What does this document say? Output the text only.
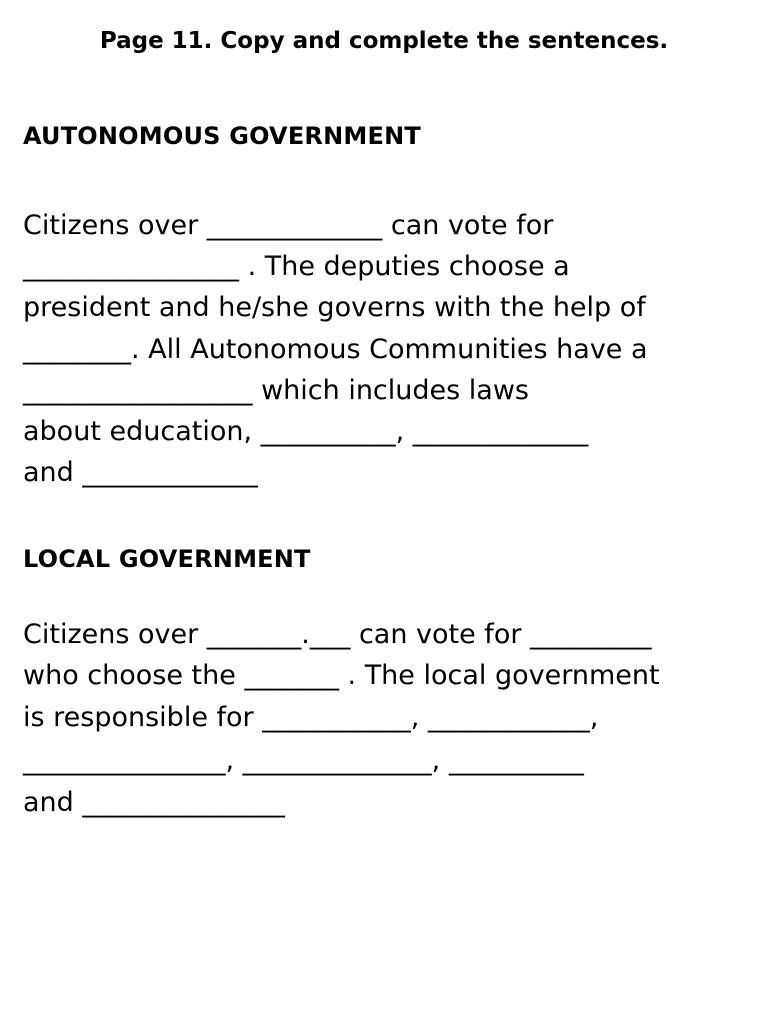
Page 11. Copy and complete the sentences.
AUTONOMOUS GOVERNMENT

Citizens over _____________ can vote for

________________ . The deputies choose a

president and he/she governs with the help of

________. All Autonomous Communities have a

_________________ which includes laws

about education, __________, _____________

and _____________

LOCAL GOVERNMENT

Citizens over _______.___ can vote for _________

who choose the _______ . The local government

is responsible for ___________, ____________,

_______________, ______________, __________

and _______________
